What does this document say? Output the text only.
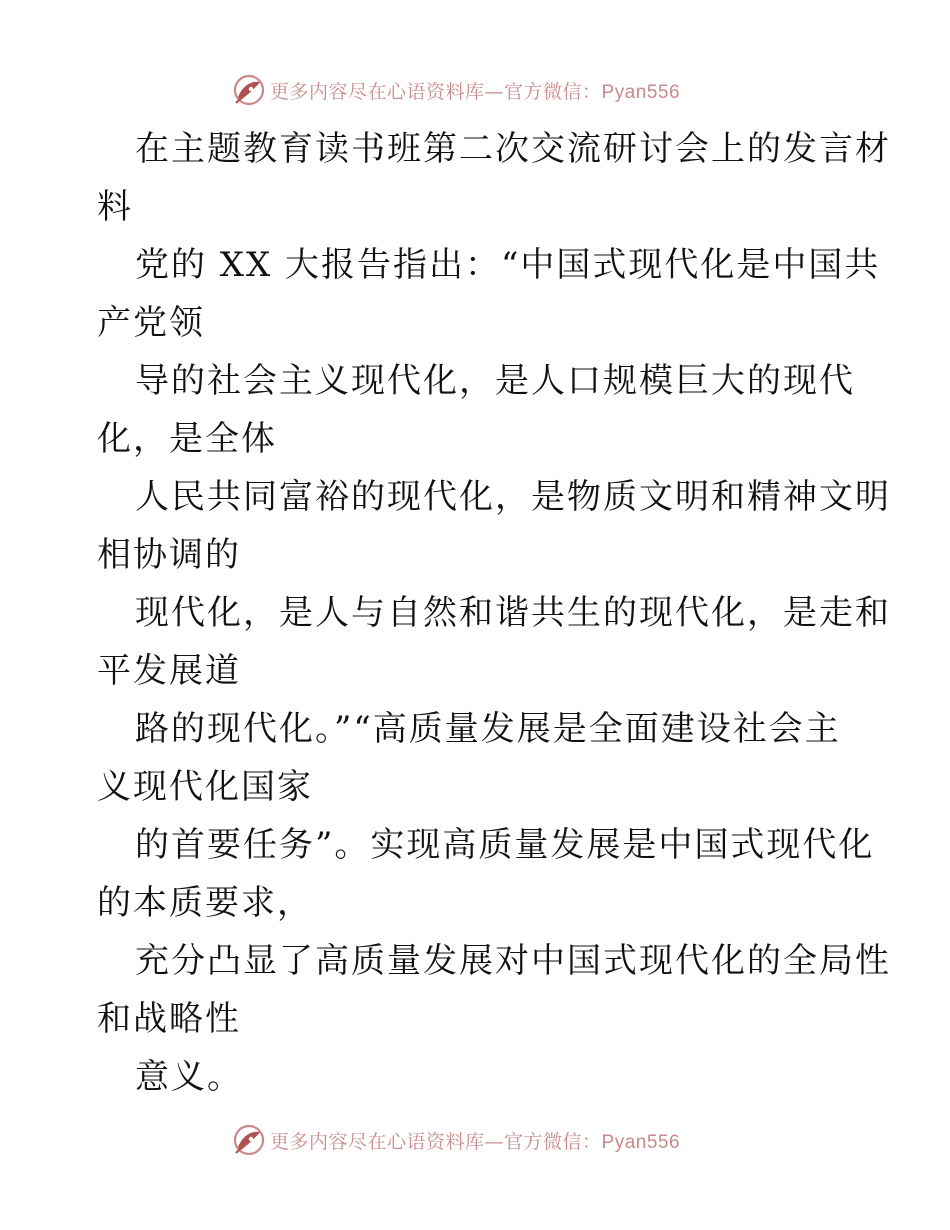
更多内容尽在心语资料库—官方微信：Pyan556
在主题教育读书班第二次交流研讨会上的发言材
料
党的 XX 大报告指出：“中国式现代化是中国共
产党领
导的社会主义现代化，是人口规模巨大的现代
化，是全体
人民共同富裕的现代化，是物质文明和精神文明
相协调的
现代化，是人与自然和谐共生的现代化，是走和
平发展道
路的现代化。”“高质量发展是全面建设社会主
义现代化国家
的首要任务”。实现高质量发展是中国式现代化
的本质要求，
充分凸显了高质量发展对中国式现代化的全局性
和战略性
意义。
更多内容尽在心语资料库—官方微信：Pyan556
